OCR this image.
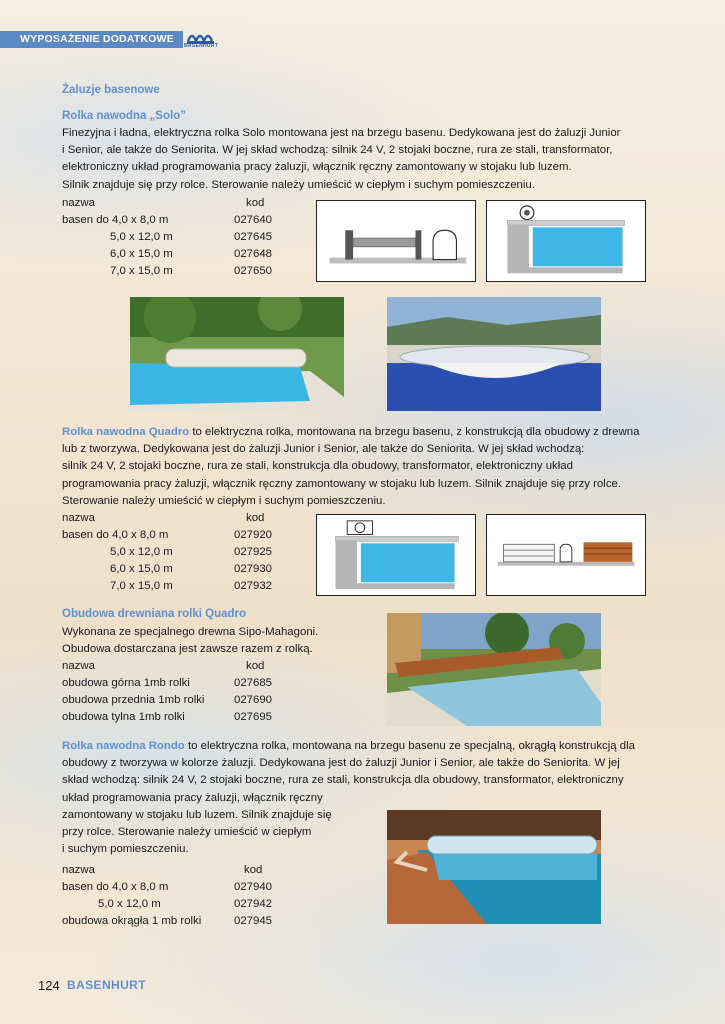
WYPOSAŻENIE DODATKOWE
BASENHURT
Żaluzje basenowe
Rolka nawodna „Solo”
Finezyjna i ładna, elektryczna rolka Solo montowana jest na brzegu basenu. Dedykowana jest do żaluzji Junior
i Senior, ale także do Seniorita. W jej skład wchodzą: silnik 24 V, 2 stojaki boczne, rura ze stali, transformator,
elektroniczny układ programowania pracy żaluzji, włącznik ręczny zamontowany w stojaku lub luzem.
Silnik znajduje się przy rolce. Sterowanie należy umieścić w ciepłym i suchym pomieszczeniu.
nazwa	kod
basen do 4,0 x 8,0 m	027640
5,0 x 12,0 m	027645
6,0 x 15,0 m	027648
7,0 x 15,0 m	027650
Rolka nawodna Quadro to elektryczna rolka, montowana na brzegu basenu, z konstrukcją dla obudowy z drewna
lub z tworzywa. Dedykowana jest do żaluzji Junior i Senior, ale także do Seniorita. W jej skład wchodzą:
silnik 24 V, 2 stojaki boczne, rura ze stali, konstrukcja dla obudowy, transformator, elektroniczny układ
programowania pracy żaluzji, włącznik ręczny zamontowany w stojaku lub luzem. Silnik znajduje się przy rolce.
Sterowanie należy umieścić w ciepłym i suchym pomieszczeniu.
nazwa	kod
basen do 4,0 x 8,0 m	027920
5,0 x 12,0 m	027925
6,0 x 15,0 m	027930
7,0 x 15,0 m	027932
Obudowa drewniana rolki Quadro
Wykonana ze specjalnego drewna Sipo-Mahagoni.
Obudowa dostarczana jest zawsze razem z rolką.
nazwa	kod
obudowa górna 1mb rolki	027685
obudowa przednia 1mb rolki	027690
obudowa tylna 1mb rolki	027695
Rolka nawodna Rondo to elektryczna rolka, montowana na brzegu basenu ze specjalną, okrągłą konstrukcją dla
obudowy z tworzywa w kolorze żaluzji. Dedykowana jest do żaluzji Junior i Senior, ale także do Seniorita. W jej
skład wchodzą: silnik 24 V, 2 stojaki boczne, rura ze stali, konstrukcja dla obudowy, transformator, elektroniczny
układ programowania pracy żaluzji, włącznik ręczny
zamontowany w stojaku lub luzem. Silnik znajduje się
przy rolce. Sterowanie należy umieścić w ciepłym
i suchym pomieszczeniu.
nazwa	kod
basen do 4,0 x 8,0 m	027940
5,0 x 12,0 m	027942
obudowa okrągła 1 mb rolki	027945
124 BASENHURT
